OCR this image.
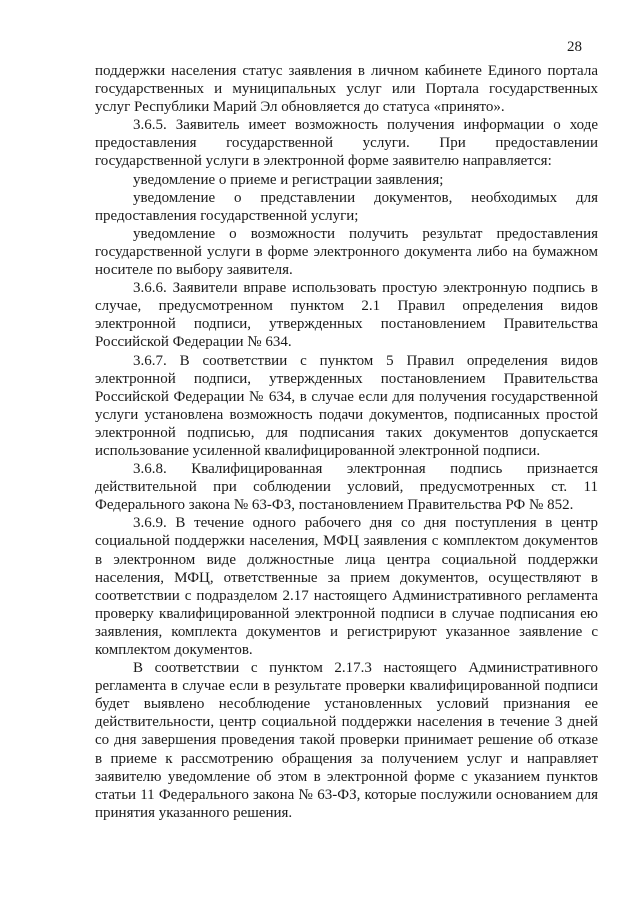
28

поддержки населения статус заявления в личном кабинете Единого портала государственных и муниципальных услуг или Портала государственных услуг Республики Марий Эл обновляется до статуса «принято».

3.6.5. Заявитель имеет возможность получения информации о ходе предоставления государственной услуги. При предоставлении государственной услуги в электронной форме заявителю направляется:

уведомление о приеме и регистрации заявления;

уведомление о представлении документов, необходимых для предоставления государственной услуги;

уведомление о возможности получить результат предоставления государственной услуги в форме электронного документа либо на бумажном носителе по выбору заявителя.

3.6.6. Заявители вправе использовать простую электронную подпись в случае, предусмотренном пунктом 2.1 Правил определения видов электронной подписи, утвержденных постановлением Правительства Российской Федерации № 634.

3.6.7. В соответствии с пунктом 5 Правил определения видов электронной подписи, утвержденных постановлением Правительства Российской Федерации № 634, в случае если для получения государственной услуги установлена возможность подачи документов, подписанных простой электронной подписью, для подписания таких документов допускается использование усиленной квалифицированной электронной подписи.

3.6.8. Квалифицированная электронная подпись признается действительной при соблюдении условий, предусмотренных ст. 11 Федерального закона № 63-ФЗ, постановлением Правительства РФ № 852.

3.6.9. В течение одного рабочего дня со дня поступления в центр социальной поддержки населения, МФЦ заявления с комплектом документов в электронном виде должностные лица центра социальной поддержки населения, МФЦ, ответственные за прием документов, осуществляют в соответствии с подразделом 2.17 настоящего Административного регламента проверку квалифицированной электронной подписи в случае подписания ею заявления, комплекта документов и регистрируют указанное заявление с комплектом документов.

В соответствии с пунктом 2.17.3 настоящего Административного регламента в случае если в результате проверки квалифицированной подписи будет выявлено несоблюдение установленных условий признания ее действительности, центр социальной поддержки населения в течение 3 дней со дня завершения проведения такой проверки принимает решение об отказе в приеме к рассмотрению обращения за получением услуг и направляет заявителю уведомление об этом в электронной форме с указанием пунктов статьи 11 Федерального закона № 63-ФЗ, которые послужили основанием для принятия указанного решения.
